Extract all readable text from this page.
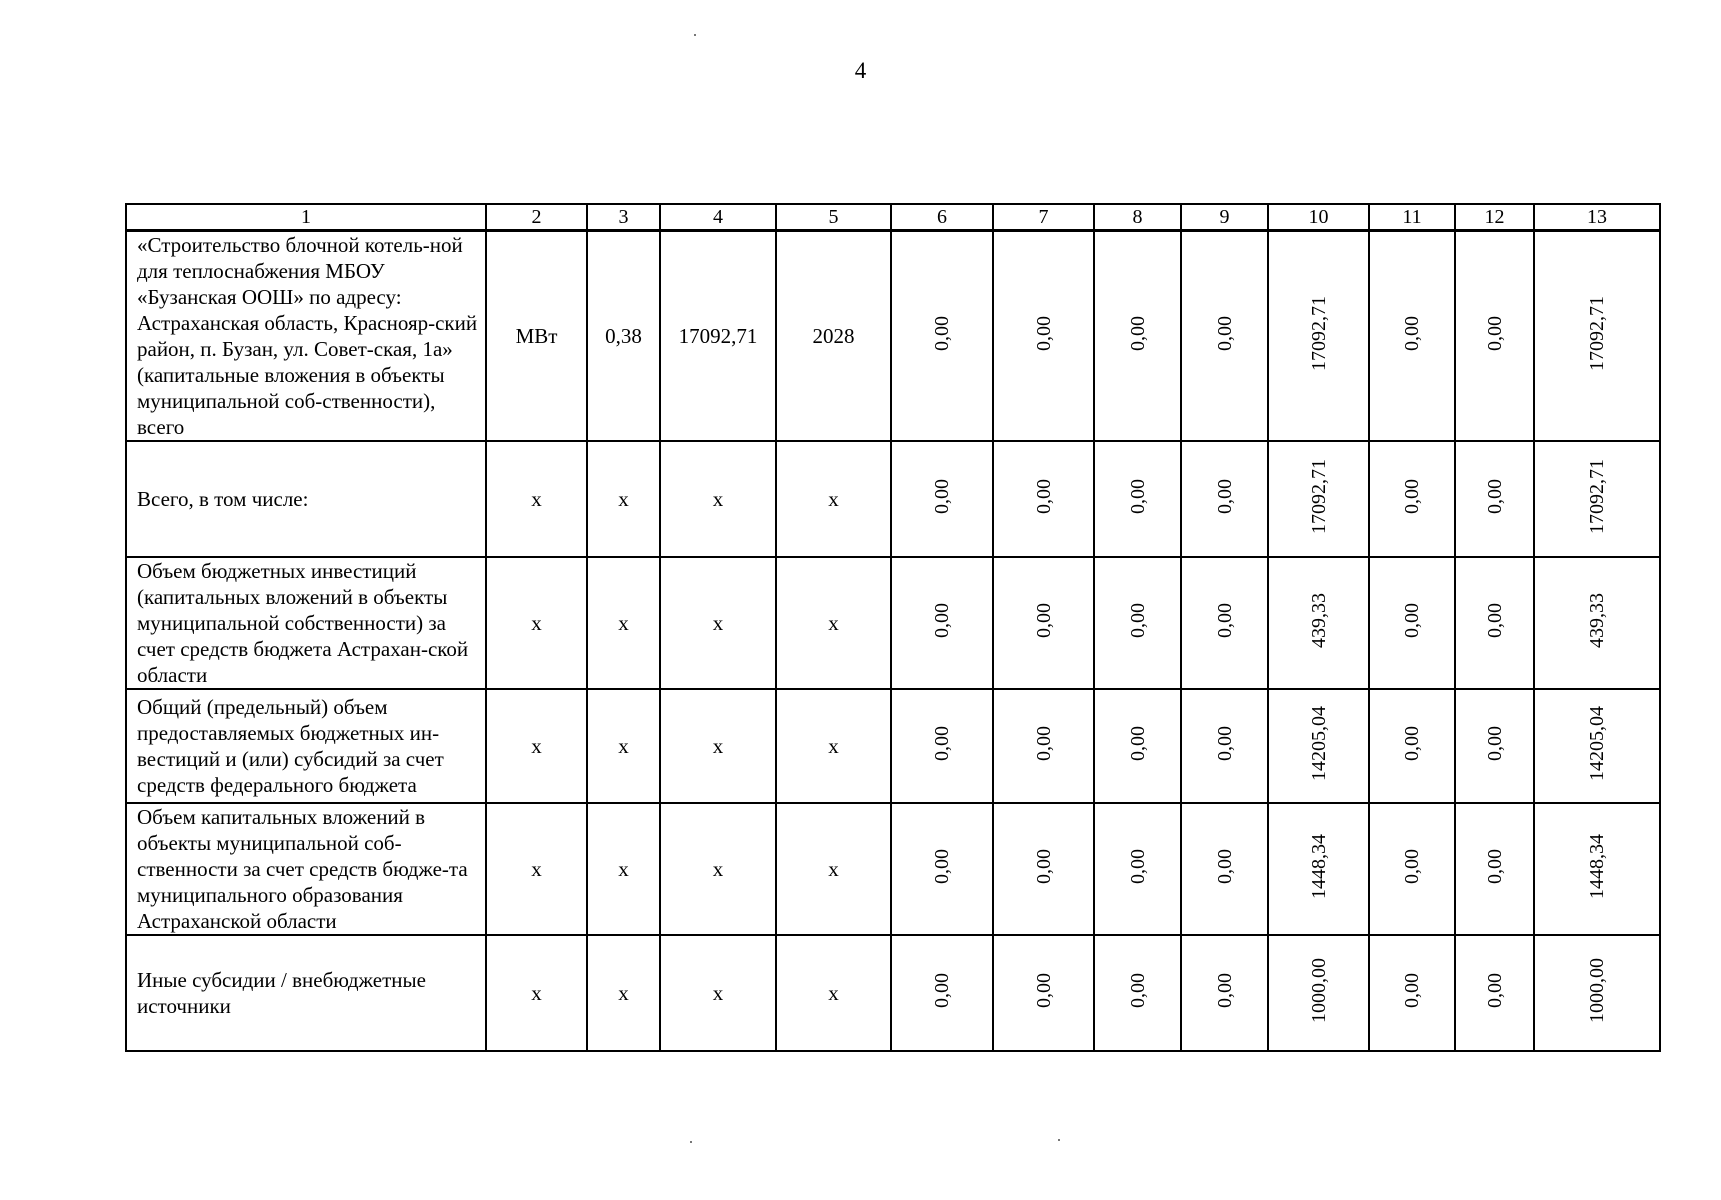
4
1	2	3	4	5	6	7	8	9	10	11	12	13
«Строительство блочной котель-ной для теплоснабжения МБОУ «Бузанская ООШ» по адресу: Астраханская область, Краснояр-ский район, п. Бузан, ул. Совет-ская, 1а» (капитальные вложения в объекты муниципальной соб-ственности), всего	МВт	0,38	17092,71	2028	0,00	0,00	0,00	0,00	17092,71	0,00	0,00	17092,71
Всего, в том числе:	x	x	x	x	0,00	0,00	0,00	0,00	17092,71	0,00	0,00	17092,71
Объем бюджетных инвестиций (капитальных вложений в объекты муниципальной собственности) за счет средств бюджета Астрахан-ской области	x	x	x	x	0,00	0,00	0,00	0,00	439,33	0,00	0,00	439,33
Общий (предельный) объем предоставляемых бюджетных ин-вестиций и (или) субсидий за счет средств федерального бюджета	x	x	x	x	0,00	0,00	0,00	0,00	14205,04	0,00	0,00	14205,04
Объем капитальных вложений в объекты муниципальной соб-ственности за счет средств бюдже-та муниципального образования Астраханской области	x	x	x	x	0,00	0,00	0,00	0,00	1448,34	0,00	0,00	1448,34
Иные субсидии / внебюджетные источники	x	x	x	x	0,00	0,00	0,00	0,00	1000,00	0,00	0,00	1000,00
